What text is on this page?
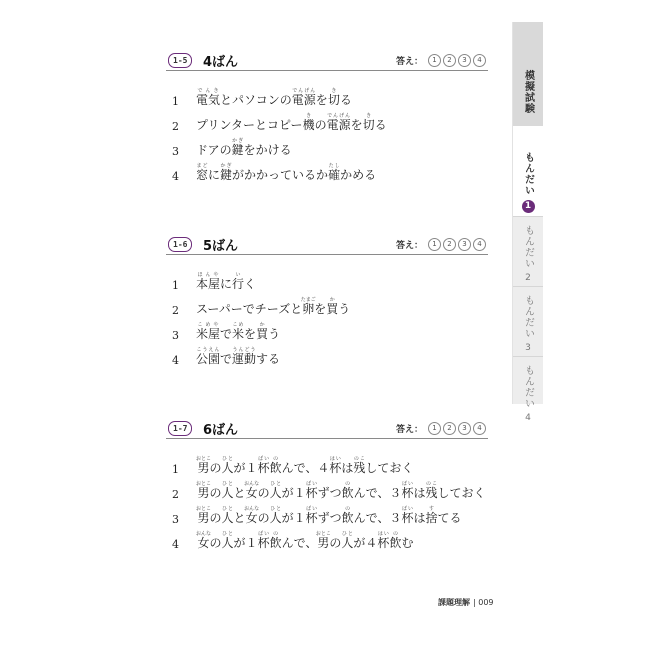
模擬試験
もんだい
1
もんだい
2
もんだい
3
もんだい
4
1-5	4ばん	答え：	1	2	3	4
1	電気でんきとパソコンの電源でんげんを切きる
2	プリンターとコピー機きの電源でんげんを切きる
3	ドアの鍵かぎをかける
4	窓まどに鍵かぎがかかっているか確たしかめる
1-6	5ばん	答え：	1	2	3	4
1	本屋ほんやに行いく
2	スーパーでチーズと卵たまごを買かう
3	米屋こめやで米こめを買かう
4	公園こうえんで運動うんどうする
1-7	6ばん	答え：	1	2	3	4
1	男おとこの人ひとが１杯ぱい飲のんで、４杯はいは残のこしておく
2	男おとこの人ひとと女おんなの人ひとが１杯ぱいずつ飲のんで、３杯ばいは残のこしておく
3	男おとこの人ひとと女おんなの人ひとが１杯ぱいずつ飲のんで、３杯ばいは捨すてる
4	女おんなの人ひとが１杯ぱい飲のんで、男おとこの人ひとが４杯はい飲のむ
課題理解 | 009
